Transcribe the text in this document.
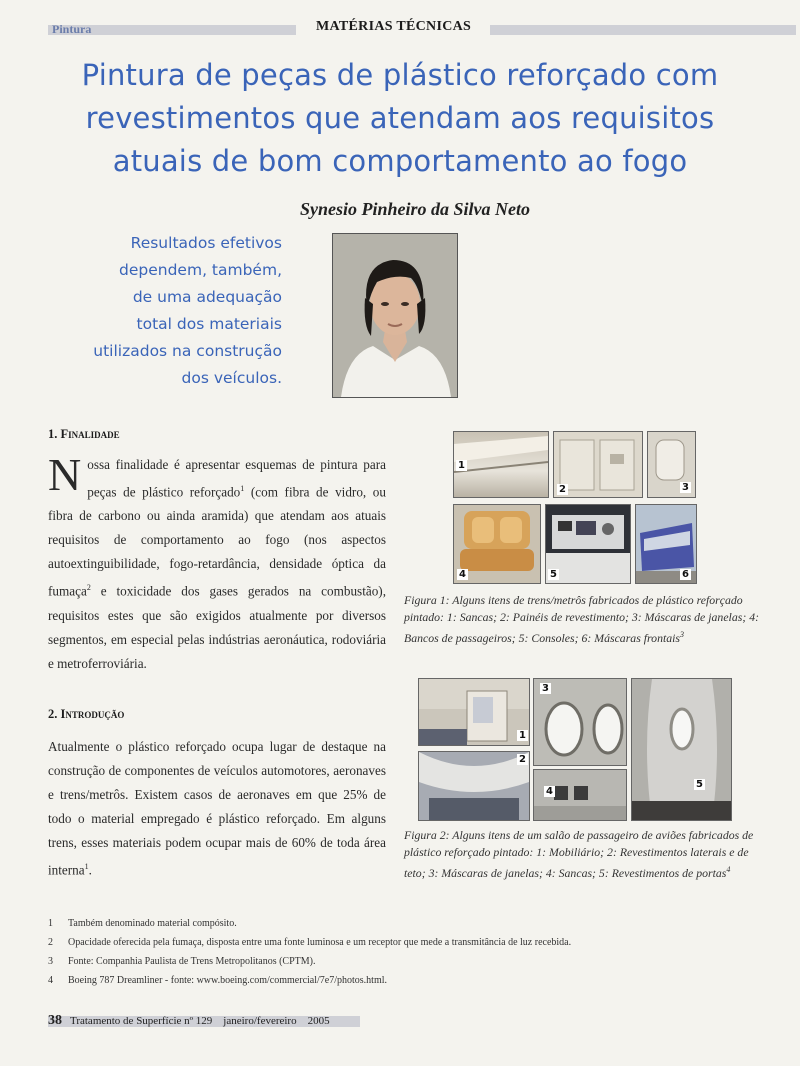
Pintura	MATÉRIAS TÉCNICAS
Pintura de peças de plástico reforçado com
revestimentos que atendam aos requisitos
atuais de bom comportamento ao fogo
Synesio Pinheiro da Silva Neto
Resultados efetivos
dependem, também,
de uma adequação
total dos materiais
utilizados na construção
dos veículos.
1. Finalidade
Nossa finalidade é apresentar esquemas de pintura para peças de plástico reforçado$^1$ (com fibra de vidro, ou fibra de carbono ou ainda aramida) que atendam aos atuais requisitos de comportamento ao fogo (nos aspectos autoextinguibilidade, fogo-retardância, densidade óptica da fumaça$^2$ e toxicidade dos gases gerados na combustão), requisitos estes que são exigidos atualmente por diversos segmentos, em especial pelas indústrias aeronáutica, rodoviária e metroferroviária.
2. Introdução
Atualmente o plástico reforçado ocupa lugar de destaque na construção de componentes de veículos automotores, aeronaves e trens/metrôs. Existem casos de aeronaves em que 25% de todo o material empregado é plástico reforçado. Em alguns trens, esses materiais podem ocupar mais de 60% de toda área interna$^1$.
1
2	3
4	5	6
Figura 1: Alguns itens de trens/metrôs fabricados de plástico reforçado pintado: 1: Sancas; 2: Painéis de revestimento; 3: Máscaras de janelas; 4: Bancos de passageiros; 5: Consoles; 6: Máscaras frontais$^3$
1
2
3
4
5
Figura 2: Alguns itens de um salão de passageiro de aviões fabricados de plástico reforçado pintado: 1: Mobiliário; 2: Revestimentos laterais e de teto; 3: Máscaras de janelas; 4: Sancas; 5: Revestimentos de portas$^4$
1 Também denominado material compósito.
2 Opacidade oferecida pela fumaça, disposta entre uma fonte luminosa e um receptor que mede a transmitância de luz recebida.
3 Fonte: Companhia Paulista de Trens Metropolitanos (CPTM).
4 Boeing 787 Dreamliner - fonte: www.boeing.com/commercial/7e7/photos.html.
38 Tratamento de Superfície nº 129    janeiro/fevereiro    2005
